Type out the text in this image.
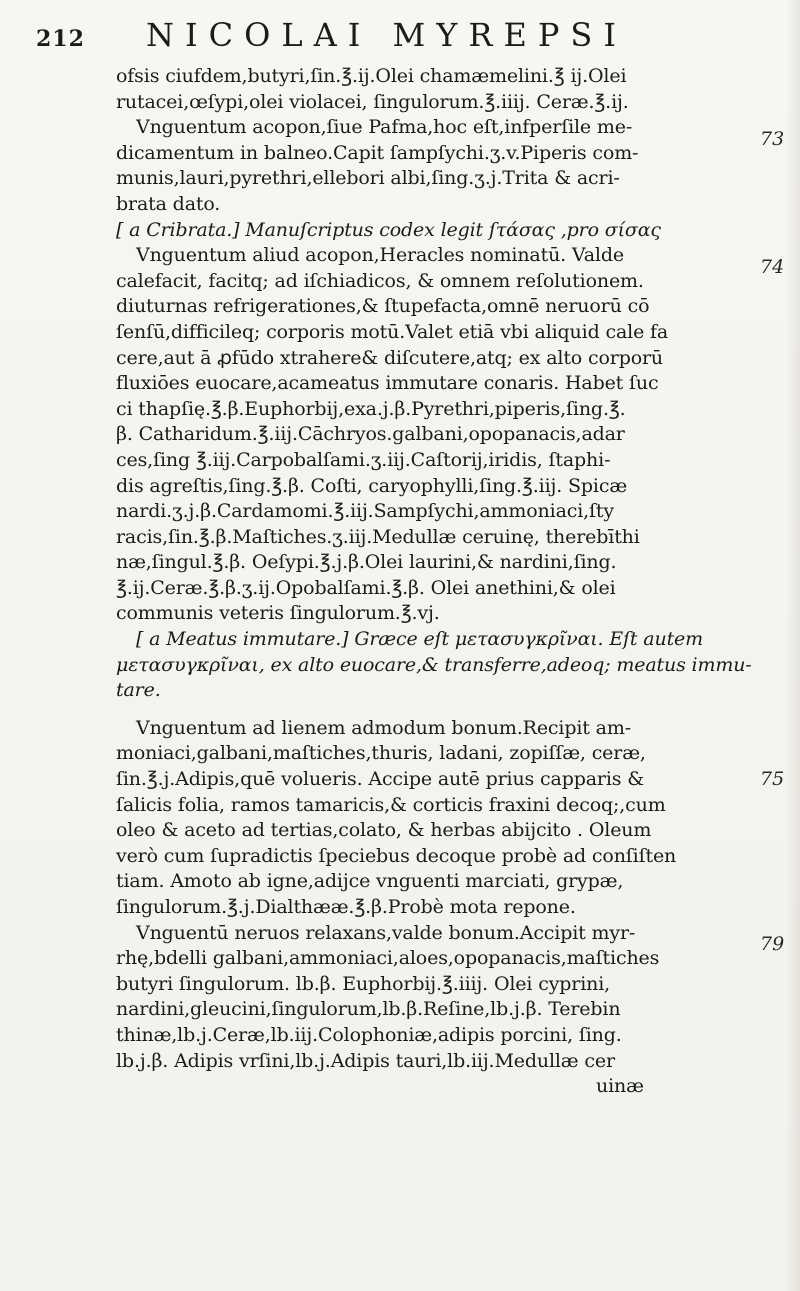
212 NICOLAI MYREPSI
ofsis ciufdem,butyri,ſin.℥.ij.Olei chamæmelini.℥ ij.Olei
rutacei,œſypi,olei violacei, ſingulorum.℥.iiij. Ceræ.℥.ij.
Vnguentum acopon,ſiue Pafma,hoc eſt,infperſile me-
dicamentum in balneo.Capit ſampſychi.ʒ.v.Piperis com-
munis,lauri,pyrethri,ellebori albi,ſing.ʒ.j.Trita & acri-
brata dato.
[ a Cribrata.] Manuſcriptus codex legit ſτάσας ,pro σίσας
Vnguentum aliud acopon,Heracles nominatū. Valde
calefacit, facitq; ad iſchiadicos, & omnem reſolutionem.
diuturnas refrigerationes,& ſtupefacta,omnē neruorū cō
ſenſū,difficileq; corporis motū.Valet etiā vbi aliquid cale fa
cere,aut ā ꝓfūdo xtrahere& diſcutere,atq; ex alto corporū
fluxiōes euocare,acameatus immutare conaris. Habet ſuc
ci thapſię.℥.β.Euphorbij,exa.j.β.Pyrethri,piperis,ſing.℥.
β. Catharidum.℥.iij.Cāchryos.galbani,opopanacis,adar
ces,ſing ℥.iij.Carpobalſami.ʒ.iij.Caſtorij,iridis, ſtaphi-
dis agreſtis,ſing.℥.β. Coſti, caryophylli,ſing.℥.iij. Spicæ
nardi.ʒ.j.β.Cardamomi.℥.iij.Sampſychi,ammoniaci,ſty
racis,ſin.℥.β.Maſtiches.ʒ.iij.Medullæ ceruinę, therebīthi
næ,ſingul.℥.β. Oeſypi.℥.j.β.Olei laurini,& nardini,ſing.
℥.ij.Ceræ.℥.β.ʒ.ij.Opobalſami.℥.β. Olei anethini,& olei
communis veteris ſingulorum.℥.vj.
[ a Meatus immutare.] Græce eſt μετασυγκρῖναι. Eſt autem
μετασυγκρῖναι, ex alto euocare,& transferre,adeoq; meatus immu-
tare.
Vnguentum ad lienem admodum bonum.Recipit am-
moniaci,galbani,maſtiches,thuris, ladani, zopiſſæ, ceræ,
ſin.℥.j.Adipis,quē volueris. Accipe autē prius capparis &
ſalicis folia, ramos tamaricis,& corticis fraxini decoq;,cum
oleo & aceto ad tertias,colato, & herbas abijcito . Oleum
verò cum ſupradictis ſpeciebus decoque probè ad conſiſten
tiam. Amoto ab igne,adijce vnguenti marciati, grypæ,
ſingulorum.℥.j.Dialthææ.℥.β.Probè mota repone.
Vnguentū neruos relaxans,valde bonum.Accipit myr-
rhę,bdelli galbani,ammoniaci,aloes,opopanacis,maſtiches
butyri ſingulorum. lb.β. Euphorbij.℥.iiij. Olei cyprini,
nardini,gleucini,ſingulorum,lb.β.Reſine,lb.j.β. Terebin
thinæ,lb.j.Ceræ,lb.iij.Colophoniæ,adipis porcini, ſing.
lb.j.β. Adipis vrſini,lb.j.Adipis tauri,lb.iij.Medullæ cer
uinæ
73
74
75
79
